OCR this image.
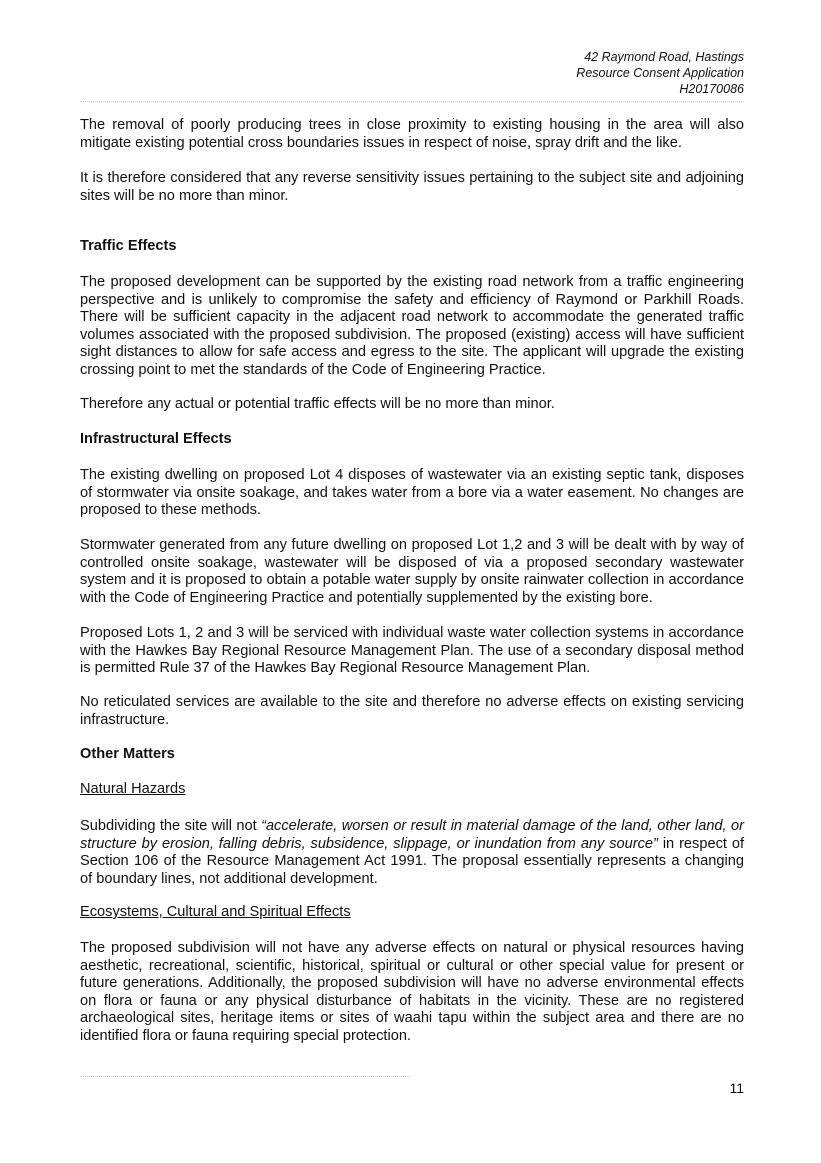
42 Raymond Road, Hastings
Resource Consent Application
H20170086

The removal of poorly producing trees in close proximity to existing housing in the area will also mitigate existing potential cross boundaries issues in respect of noise, spray drift and the like.

It is therefore considered that any reverse sensitivity issues pertaining to the subject site and adjoining sites will be no more than minor.

Traffic Effects

The proposed development can be supported by the existing road network from a traffic engineering perspective and is unlikely to compromise the safety and efficiency of Raymond or Parkhill Roads. There will be sufficient capacity in the adjacent road network to accommodate the generated traffic volumes associated with the proposed subdivision. The proposed (existing) access will have sufficient sight distances to allow for safe access and egress to the site. The applicant will upgrade the existing crossing point to met the standards of the Code of Engineering Practice.

Therefore any actual or potential traffic effects will be no more than minor.

Infrastructural Effects

The existing dwelling on proposed Lot 4 disposes of wastewater via an existing septic tank, disposes of stormwater via onsite soakage, and takes water from a bore via a water easement. No changes are proposed to these methods.

Stormwater generated from any future dwelling on proposed Lot 1,2 and 3 will be dealt with by way of controlled onsite soakage, wastewater will be disposed of via a proposed secondary wastewater system and it is proposed to obtain a potable water supply by onsite rainwater collection in accordance with the Code of Engineering Practice and potentially supplemented by the existing bore.

Proposed Lots 1, 2 and 3 will be serviced with individual waste water collection systems in accordance with the Hawkes Bay Regional Resource Management Plan. The use of a secondary disposal method is permitted Rule 37 of the Hawkes Bay Regional Resource Management Plan.

No reticulated services are available to the site and therefore no adverse effects on existing servicing infrastructure.

Other Matters
Natural Hazards

Subdividing the site will not “accelerate, worsen or result in material damage of the land, other land, or structure by erosion, falling debris, subsidence, slippage, or inundation from any source” in respect of Section 106 of the Resource Management Act 1991. The proposal essentially represents a changing of boundary lines, not additional development.

Ecosystems, Cultural and Spiritual Effects

The proposed subdivision will not have any adverse effects on natural or physical resources having aesthetic, recreational, scientific, historical, spiritual or cultural or other special value for present or future generations. Additionally, the proposed subdivision will have no adverse environmental effects on flora or fauna or any physical disturbance of habitats in the vicinity. These are no registered archaeological sites, heritage items or sites of waahi tapu within the subject area and there are no identified flora or fauna requiring special protection.

11
